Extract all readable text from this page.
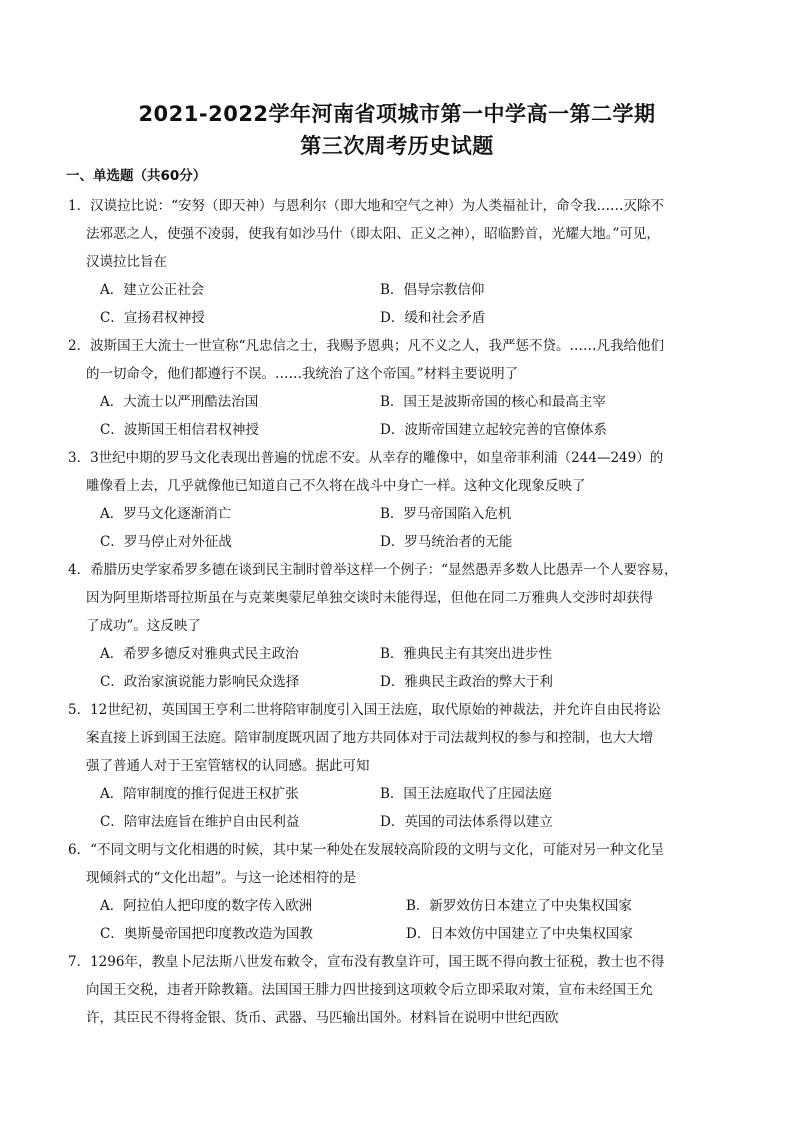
2021-2022学年河南省项城市第一中学高一第二学期
第三次周考历史试题
一、单选题（共60分）
1．汉谟拉比说：“安努（即天神）与恩利尔（即大地和空气之神）为人类福祉计，命令我……灭除不
法邪恶之人，使强不凌弱，使我有如沙马什（即太阳、正义之神），昭临黔首，光耀大地。”可见，
汉谟拉比旨在
A．建立公正社会	B．倡导宗教信仰
C．宣扬君权神授	D．缓和社会矛盾
2．波斯国王大流士一世宣称“凡忠信之士，我赐予恩典；凡不义之人，我严惩不贷。……凡我给他们
的一切命令，他们都遵行不误。……我统治了这个帝国。”材料主要说明了
A．大流士以严刑酷法治国	B．国王是波斯帝国的核心和最高主宰
C．波斯国王相信君权神授	D．波斯帝国建立起较完善的官僚体系
3．3世纪中期的罗马文化表现出普遍的忧虑不安。从幸存的雕像中，如皇帝菲利浦（244—249）的
雕像看上去，几乎就像他已知道自己不久将在战斗中身亡一样。这种文化现象反映了
A．罗马文化逐渐消亡	B．罗马帝国陷入危机
C．罗马停止对外征战	D．罗马统治者的无能
4．希腊历史学家希罗多德在谈到民主制时曾举这样一个例子：“显然愚弄多数人比愚弄一个人要容易，
因为阿里斯塔哥拉斯虽在与克莱奥蒙尼单独交谈时未能得逞，但他在同二万雅典人交涉时却获得
了成功”。这反映了
A．希罗多德反对雅典式民主政治	B．雅典民主有其突出进步性
C．政治家演说能力影响民众选择	D．雅典民主政治的弊大于利
5．12世纪初，英国国王亨利二世将陪审制度引入国王法庭，取代原始的神裁法，并允许自由民将讼
案直接上诉到国王法庭。陪审制度既巩固了地方共同体对于司法裁判权的参与和控制，也大大增
强了普通人对于王室管辖权的认同感。据此可知
A．陪审制度的推行促进王权扩张	B．国王法庭取代了庄园法庭
C．陪审法庭旨在维护自由民利益	D．英国的司法体系得以建立
6．“不同文明与文化相遇的时候，其中某一种处在发展较高阶段的文明与文化，可能对另一种文化呈
现倾斜式的“文化出超”。与这一论述相符的是
A．阿拉伯人把印度的数字传入欧洲	B．新罗效仿日本建立了中央集权国家
C．奥斯曼帝国把印度教改造为国教	D．日本效仿中国建立了中央集权国家
7．1296年，教皇卜尼法斯八世发布敕令，宣布没有教皇许可，国王既不得向教士征税，教士也不得
向国王交税，违者开除教籍。法国国王腓力四世接到这项敕令后立即采取对策，宣布未经国王允
许，其臣民不得将金银、货币、武器、马匹输出国外。材料旨在说明中世纪西欧
